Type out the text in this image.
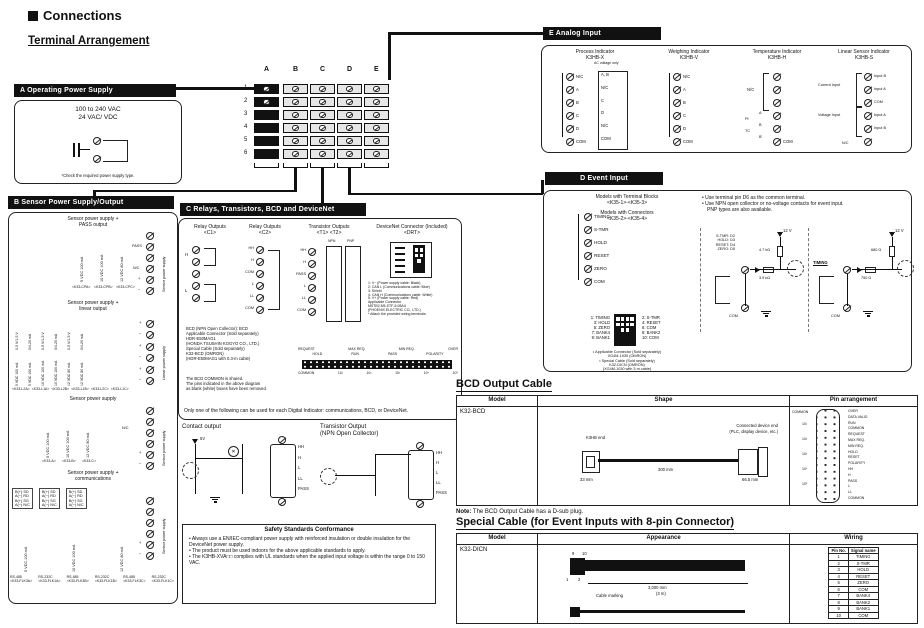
Connections
Terminal Arrangement
A	B	C	D	E
1
2
3
4
5
6
A Operating Power Supply
100 to 240 VAC
24 VAC/ VDC
*Check the required power supply type.
E Analog Input
Process Indicator
K3HB-X
AC voltage only
N/C
A
B
C
D
COM
A, B
N/C
C
D
N/C
COM
Weighing Indicator
K3HB-V
N/C
A
B
C
D
COM
Temperature Indicator
K3HB-H
N/C
A
Pt
B
TC
B'
COM
Linear Sensor Indicator
K3HB-S
Current Input
Voltage Input
N/C
Input B
Input A
COM
Input A
Input B
D Event Input
Models with Terminal Blocks
<K35-1>-<K35-3>
TIMING
S-TMR
HOLD
RESET
ZERO
COM
Models with Connectors
<K35-2>-<K35-4>
1: TIMING
3: HOLD
5: ZERO
7: BANK4
9: BANK1
2: S-TMR
4: RESET
6: COM
8: BANK2
10: COM
• Applicable Connector (Sold separately)
XG4M-1030 (OMRON)
• Special Cable (Sold separately)
K32-DICN (OMRON)
(XG4M-1030 with 3 m cable)
• Use terminal pin D6 as the common terminal.
• Use NPN open collector or no-voltage contacts for event input.
PNP types are also available.
S-TMR: D2
HOLD: D3
RESET: D4
ZERO: D5
12 V
4.7 kΩ
3.9 kΩ
COM
TIMING
12 V
680 Ω
750 Ω
COM
B Sensor Power Supply/Output
Sensor power supply +
PASS output
5 VDC 100 mA	10 VDC 100 mA	12 VDC 80 mA
<K33-CPA> <K33-CPB> <K33-CPC>
PASS
N/C
+
−	Sensor power supply
Sensor power supply +
linear output
0-5 V/1-5 V
5 VDC 100 mA
0/4-20 mA
5 VDC 100 mA
0-5 V/1-5 V
10 VDC 100 mA
0/4-20 mA
10 VDC 100 mA
0-5 V/1-5 V
12 VDC 80 mA
0/4-20 mA
12 VDC 80 mA
<K33-L2A> <K33-L1A> <K33-L2B> <K33-L1B> <K33-L2C> <K33-L1C>
+
−
+
−
+
−	Linear power supply
Sensor power supply
5 VDC 100 mA	10 VDC 100 mA	12 VDC 80 mA
N/C
<K33-A> <K33-B> <K33-C>
+
−	Sensor power supply
Sensor power supply +
communications
B(+) SD
A(−) RD
B(+) SG
A(−) N/C
B(+) SD
A(−) RD
B(+) SG
A(−) N/C
B(+) SD
A(−) RD
B(+) SG
A(−) N/C
5 VDC 100 mA	10 VDC 100 mA	12 VDC 80 mA
+
−	Sensor power supply
RS-485
<K33-FLK3A>
RS-232C
<K33-FLK1A>
RS-485
<K33-FLK3B>
RS-232C
<K33-FLK1B>
RS-485
<K33-FLK3C>
RS-232C
<K33-FLK1C>
C Relays, Transistors, BCD and DeviceNet
Relay Outputs
<C1>
H
L
Relay Outputs
<C2>
HH
H
COM
L
LL
COM
Transistor Outputs
<T1> <T2>
NPN	PNP
HH
H
PASS
L
LL
COM
DeviceNet Connector (Included)
<DRT>
1: V− (Power supply cable: Black)
2: CAN L (Communications cable: Blue)
3: Shield
4: CAN H (Communications cable: White)
5: V+ (Power supply cable: Red)
Applicable Connector
MSTB2.5/5-STF-5.08AU
(PHOENIX ELECTRIC CO., LTD.)
* Attach the provided wiring terminals.
BCD (NPN Open Collector): BCD
Applicable Connector (Sold separately)
HDR-E50MAG1
(HONDA TSUSHIN KOGYO CO., LTD.)
Special Cable (Sold separately)
K32-BCD (OMRON)
(HDR-E50MAG1 with 0.3-m cable)
REQUEST	MAX REQ.	MIN REQ.	OVER
HOLD	RUN	PASS	POLARITY
COMMON	10¹	10²	10³	10⁴	10⁵
The BCD COMMON is shared.
The pins indicated in the above diagram
as blank (white) boxes have been removed.
Only one of the following can be used for each Digital Indicator: communications, BCD, or DeviceNet.
Contact output
5V
✕
HH
H
L
LL
PASS
Transistor Output
(NPN Open Collector)
HH
H
L
LL
PASS
Safety Standards Conformance
• Always use a EN/IEC-compliant power supply with reinforced insulation or double insulation for the DeviceNet power supply.
• The product must be used indoors for the above applicable standards to apply.
• The K3HB-XVA□□ complies with UL standards when the applied input voltage is within the range 0 to 150 VAC.
BCD Output Cable
Model	Shape	Pin arrangement
K32-BCD
K3HB end
Connected device end
(PLC, display device, etc.)
33 mm
300 mm
66.5 mm
COMMON
10¹
10²
10³
10⁴
10⁵
OVER
DATA VALID
RUN
COMMON
REQUEST
MAX REQ.
MIN REQ.
HOLD
RESET
POLARITY
HH
H
PASS
L
LL
COMMON
Note: The BCD Output Cable has a D-sub plug.
Special Cable (for Event Inputs with 8-pin Connector)
Model	Appearance	Wiring
K32-DICN
9 10
1 2
3,000 mm
(3 m)
Cable marking
Pin No.	Signal name
1	TIMING
2	S-TMR
3	HOLD
4	RESET
5	ZERO
6	COM
7	BANK4
8	BANK2
9	BANK1
10	COM
